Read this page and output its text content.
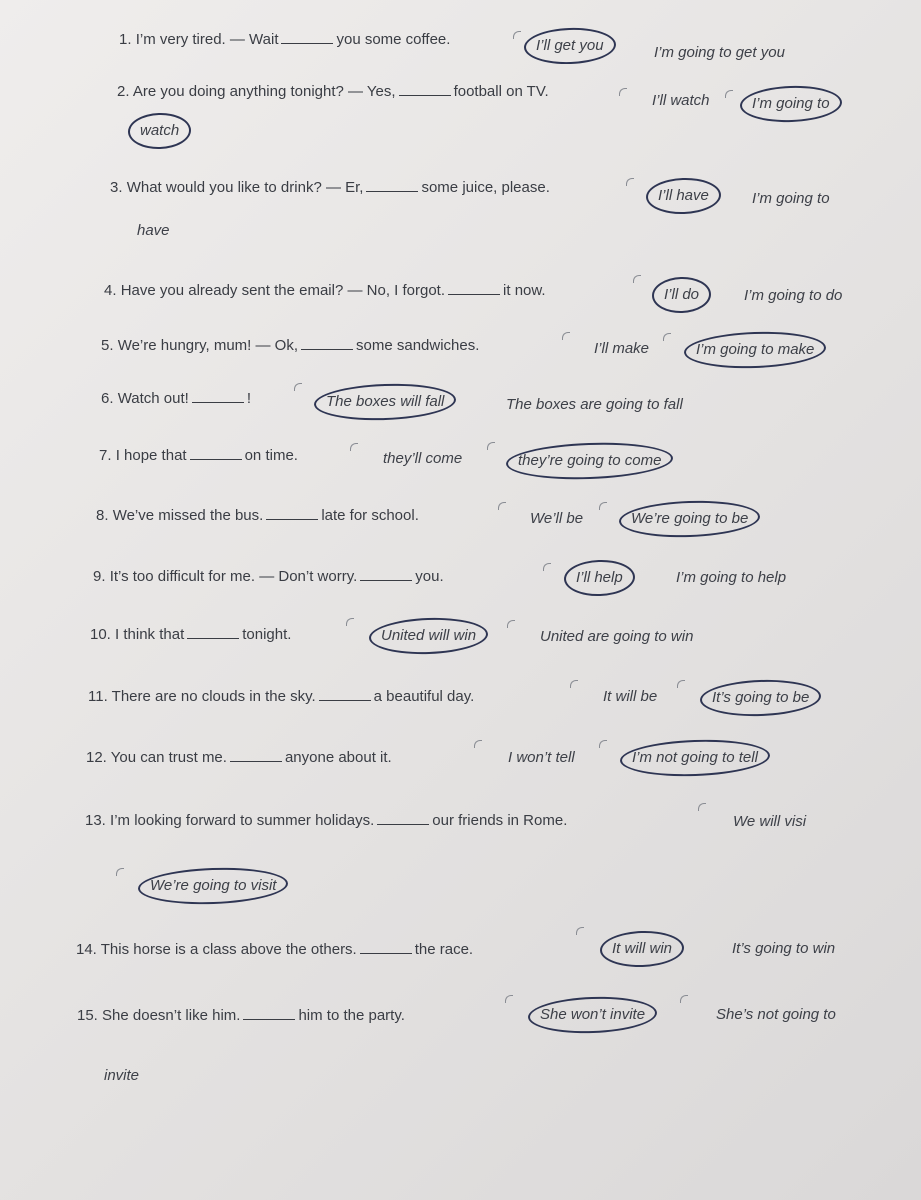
1. I’m very tired. — Wait	you some coffee.	I’ll get you	I’m going to get you
2. Are you doing anything tonight? — Yes,	football on TV.
I’ll watch	I’m going to
watch
3. What would you like to drink? — Er,	some juice, please.	I’ll have	I’m going to
have
4. Have you already sent the email? — No, I forgot.	it now.	I’ll do	I’m going to do
5. We’re hungry, mum! — Ok,	some sandwiches.	I’ll make	I’m going to make
6. Watch out!	!	The boxes will fall	The boxes are going to fall
7. I hope that	on time.	they’ll come	they’re going to come
8. We’ve missed the bus.	late for school.	We’ll be	We’re going to be
9. It’s too difficult for me. — Don’t worry.	you.	I’ll help	I’m going to help
10. I think that	tonight.	United will win	United are going to win
11. There are no clouds in the sky.	a beautiful day.	It will be	It’s going to be
12. You can trust me.	anyone about it.	I won’t tell	I’m not going to tell
13. I’m looking forward to summer holidays.	our friends in Rome.	We will visi
We’re going to visit
14. This horse is a class above the others.	the race.	It will win	It’s going to win
15. She doesn’t like him.	him to the party.	She won’t invite	She’s not going to
invite
